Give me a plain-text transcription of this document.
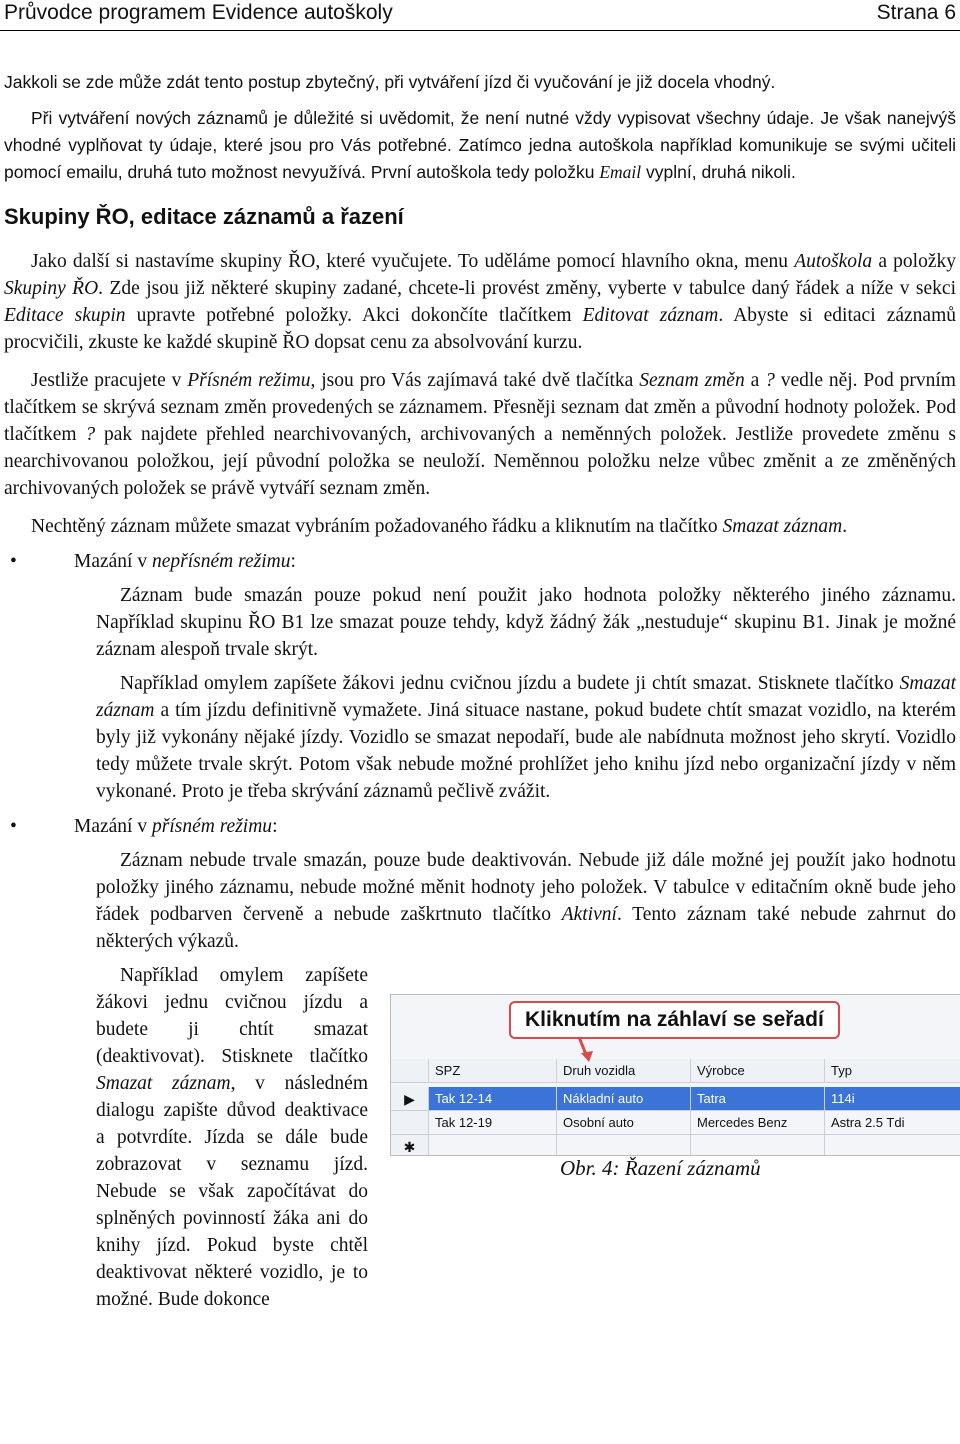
Průvodce programem Evidence autoškoly	Strana 6

Jakkoli se zde může zdát tento postup zbytečný, při vytváření jízd či vyučování je již docela vhodný.

Při vytváření nových záznamů je důležité si uvědomit, že není nutné vždy vypisovat všechny údaje. Je však nanejvýš vhodné vyplňovat ty údaje, které jsou pro Vás potřebné. Zatímco jedna autoškola například komunikuje se svými učiteli pomocí emailu, druhá tuto možnost nevyužívá. První autoškola tedy položku Email vyplní, druhá nikoli.

Skupiny ŘO, editace záznamů a řazení

Jako další si nastavíme skupiny ŘO, které vyučujete. To uděláme pomocí hlavního okna, menu Autoškola a položky Skupiny ŘO. Zde jsou již některé skupiny zadané, chcete-li provést změny, vyberte v tabulce daný řádek a níže v sekci Editace skupin upravte potřebné položky. Akci dokončíte tlačítkem Editovat záznam. Abyste si editaci záznamů procvičili, zkuste ke každé skupině ŘO dopsat cenu za absolvování kurzu.

Jestliže pracujete v Přísném režimu, jsou pro Vás zajímavá také dvě tlačítka Seznam změn a ? vedle něj. Pod prvním tlačítkem se skrývá seznam změn provedených se záznamem. Přesněji seznam dat změn a původní hodnoty položek. Pod tlačítkem ? pak najdete přehled nearchivovaných, archivovaných a neměnných položek. Jestliže provedete změnu s nearchivovanou položkou, její původní položka se neuloží. Neměnnou položku nelze vůbec změnit a ze změněných archivovaných položek se právě vytváří seznam změn.

Nechtěný záznam můžete smazat vybráním požadovaného řádku a kliknutím na tlačítko Smazat záznam.

•	Mazání v nepřísném režimu:

Záznam bude smazán pouze pokud není použit jako hodnota položky některého jiného záznamu. Například skupinu ŘO B1 lze smazat pouze tehdy, když žádný žák „nestuduje“ skupinu B1. Jinak je možné záznam alespoň trvale skrýt.

Například omylem zapíšete žákovi jednu cvičnou jízdu a budete ji chtít smazat. Stisknete tlačítko Smazat záznam a tím jízdu definitivně vymažete. Jiná situace nastane, pokud budete chtít smazat vozidlo, na kterém byly již vykonány nějaké jízdy. Vozidlo se smazat nepodaří, bude ale nabídnuta možnost jeho skrytí. Vozidlo tedy můžete trvale skrýt. Potom však nebude možné prohlížet jeho knihu jízd nebo organizační jízdy v něm vykonané. Proto je třeba skrývání záznamů pečlivě zvážit.

•	Mazání v přísném režimu:

Záznam nebude trvale smazán, pouze bude deaktivován. Nebude již dále možné jej použít jako hodnotu položky jiného záznamu, nebude možné měnit hodnoty jeho položek. V tabulce v editačním okně bude jeho řádek podbarven červeně a nebude zaškrtnuto tlačítko Aktivní. Tento záznam také nebude zahrnut do některých výkazů.

Například omylem zapíšete žákovi jednu cvičnou jízdu a budete ji chtít smazat (deaktivovat). Stisknete tlačítko Smazat záznam, v následném dialogu zapište důvod deaktivace a potvrdíte. Jízda se dále bude zobrazovat v seznamu jízd. Nebude se však započítávat do splněných povinností žáka ani do knihy jízd. Pokud byste chtěl deaktivovat některé vozidlo, je to možné. Bude dokonce

SPZ	Druh vozidla	Výrobce	Typ
▶	Tak 12-14	Nákladní auto	Tatra	114i
Tak 12-19	Osobní auto	Mercedes Benz	Astra 2.5 Tdi
✱
Kliknutím na záhlaví se seřadí
Obr. 4: Řazení záznamů
